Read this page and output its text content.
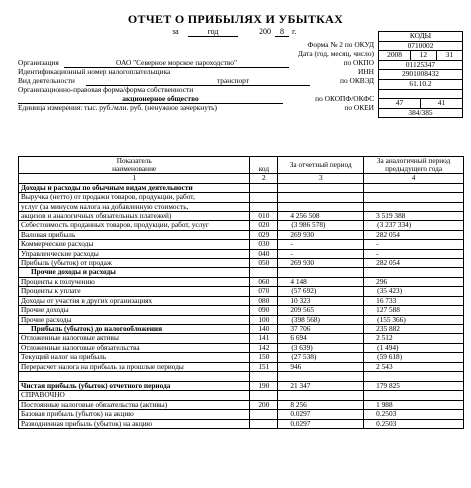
ОТЧЕТ О ПРИБЫЛЯХ И УБЫТКАХ
за	год	200	8	г.	КОДЫ
0710002

2008	12	31

01125347
2901008432
61.10.2

47	41

384/385
Форма № 2 по ОКУД
Дата (год, месяц, число)
Организация	ОАО "Северное морское пароходство"	по ОКПО
Идентификационный номер налогоплательщика	ИНН
Вид деятельности	транспорт	по ОКВЭД
Организационно-правовая форма/форма собственности
акционерное общество	по ОКОПФ/ОКФС
Единица измерения: тыс. руб./млн. руб. (ненужное зачеркнуть)	по ОКЕИ
Показатель
наименование	код	За отчетный период	За аналогичный период предыдущего года
1	2	3	4
Доходы и расходы по обычным видам деятельности			
Выручка (нетто) от продажи товаров, продукции, работ,			
услуг (за минусом налога на добавленную стоимость,			
акцизов и аналогичных обязательных платежей)	010	4 256 508	3 519 388
Себестоимость проданных товаров, продукции, работ, услуг	020	( 3 986 578 )	( 3 237 334 )
Валовая прибыль	029	269 930	282 054
Коммерческие расходы	030	-	-
Управленческие расходы	040	-	-
Прибыль (убыток) от продаж	050	269 930	282 054
Прочие доходы и расходы			
Проценты к получению	060	4 148	296
Проценты к уплате	070	( 57 692 )	( 35 423 )
Доходы от участия в других организациях	080	10 323	16 733
Прочие доходы	090	209 565	127 588
Прочие расходы	100	( 398 568 )	( 155 366 )
Прибыль (убыток) до налогообложения	140	37 706	235 882
Отложенные налоговые активы	141	6 694	2 512
Отложенные налоговые обязательства	142	( 3 639 )	( 1 494 )
Текущий налог на прибыль	150	( 27 538 )	( 59 618 )
Перерасчет налога на прибыль за прошлые периоды	151	946	2 543

Чистая прибыль (убыток) отчетного периода	190	21 347	179 825
СПРАВОЧНО			
Постоянные налоговые обязательства (активы)	200	8 256	1 988
Базовая прибыль (убыток) на акцию		0.0297	0.2503
Разводненная прибыль (убыток) на акцию		0.0297	0.2503
